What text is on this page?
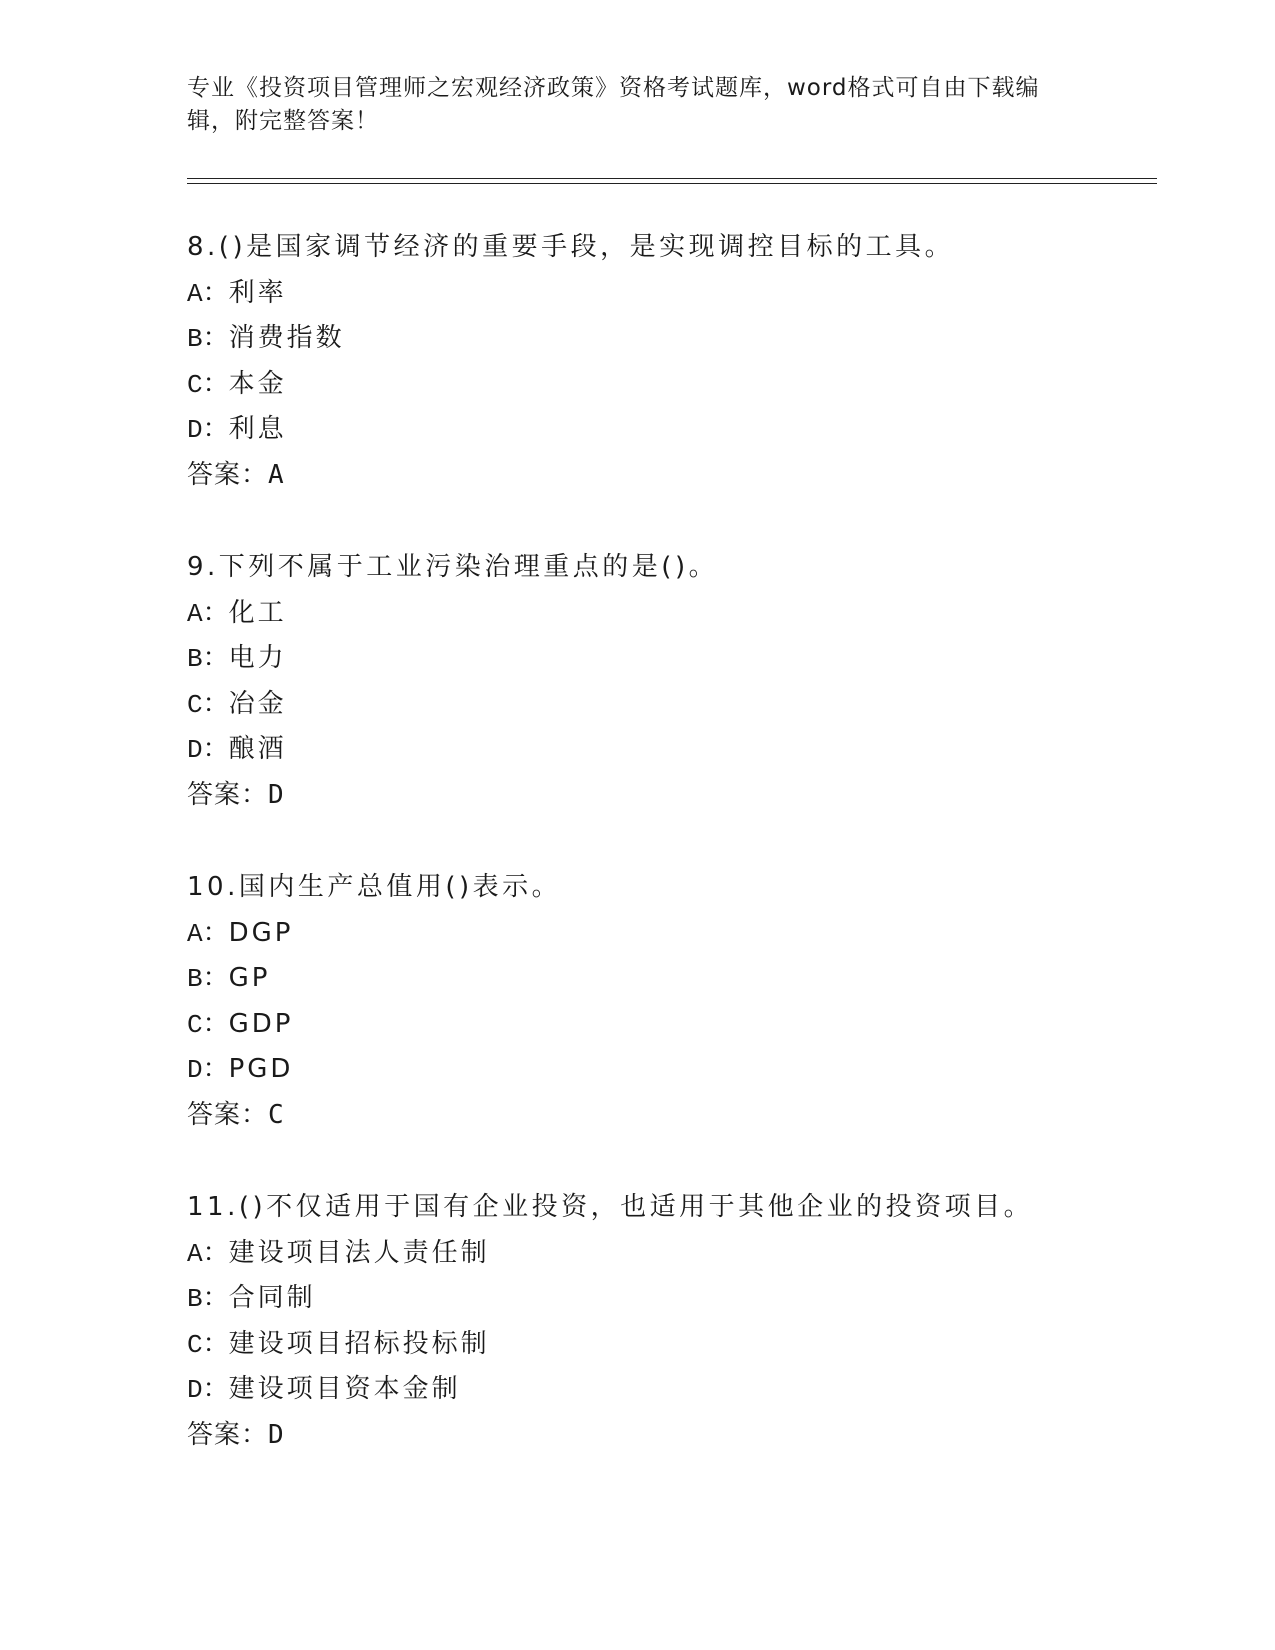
专业《投资项目管理师之宏观经济政策》资格考试题库，word格式可自由下载编
辑，附完整答案！
8.()是国家调节经济的重要手段，是实现调控目标的工具。
A：利率
B：消费指数
C：本金
D：利息
答案：A
9.下列不属于工业污染治理重点的是()。
A：化工
B：电力
C：冶金
D：酿酒
答案：D
10.国内生产总值用()表示。
A：DGP
B：GP
C：GDP
D：PGD
答案：C
11.()不仅适用于国有企业投资，也适用于其他企业的投资项目。
A：建设项目法人责任制
B：合同制
C：建设项目招标投标制
D：建设项目资本金制
答案：D
